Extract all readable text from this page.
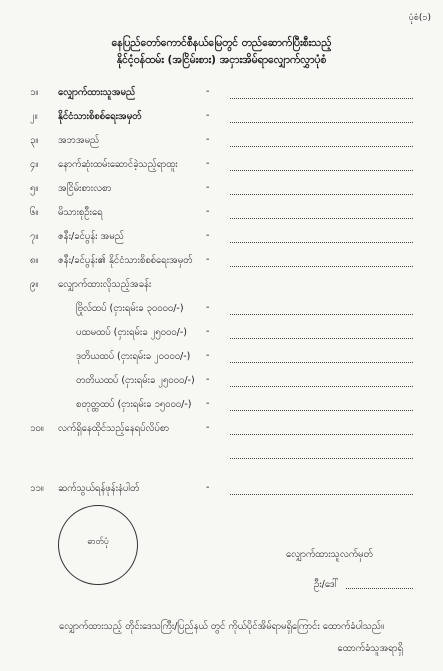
ပုံစံ(၁)
နေပြည်တော်ကောင်စီနယ်မြေတွင် တည်ဆောက်ပြီးစီးသည့်
နိုင်ငံ့ဝန်ထမ်း (အငြိမ်းစား) အငှားအိမ်ရာလျှောက်လွှာပုံစံ
၁။	လျှောက်ထားသူအမည်	-
၂။	နိုင်ငံသားစိစစ်ရေးအမှတ်	-
၃။	အဘအမည်	-
၄။	နောက်ဆုံးထမ်းဆောင်ခဲ့သည့်ရာထူး	-
၅။	အငြိမ်းစားလစာ	-
၆။	မိသားစုဦးရေ	-
၇။	ဇနီး/ခင်ပွန်း အမည်	-
၈။	ဇနီး/ခင်ပွန်း၏ နိုင်ငံသားစိစစ်ရေးအမှတ် -
၉။	လျှောက်ထားလိုသည့်အခန်း
ဗြိုလ်ထပ် (ငှားရမ်းခ ၃၀၀၀၀/-) -
ပထမထပ် (ငှားရမ်းခ ၂၅၀၀၀/-) -
ဒုတိယထပ် (ငှားရမ်းခ ၂၀၀၀၀/-) -
တတိယထပ် (ငှားရမ်းခ ၂၅၀၀၀/-) -
စတုတ္ထထပ် (ငှားရမ်းခ ၁၅၀၀၀/-) -
၁၀။	လက်ရှိနေထိုင်သည့်နေရပ်လိပ်စာ	-
၁၁။	ဆက်သွယ်ရန်ဖုန်းနံပါတ်	-
ဓာတ်ပုံ
လျှောက်ထားသူလက်မှတ်
ဦး/ဒေါ်
လျှောက်ထားသည့် တိုင်းဒေသကြီး/ပြည်နယ် တွင် ကိုယ်ပိုင်အိမ်ရာမရှိကြောင်း ထောက်ခံပါသည်။
ထောက်ခံသူအရာရှိ
